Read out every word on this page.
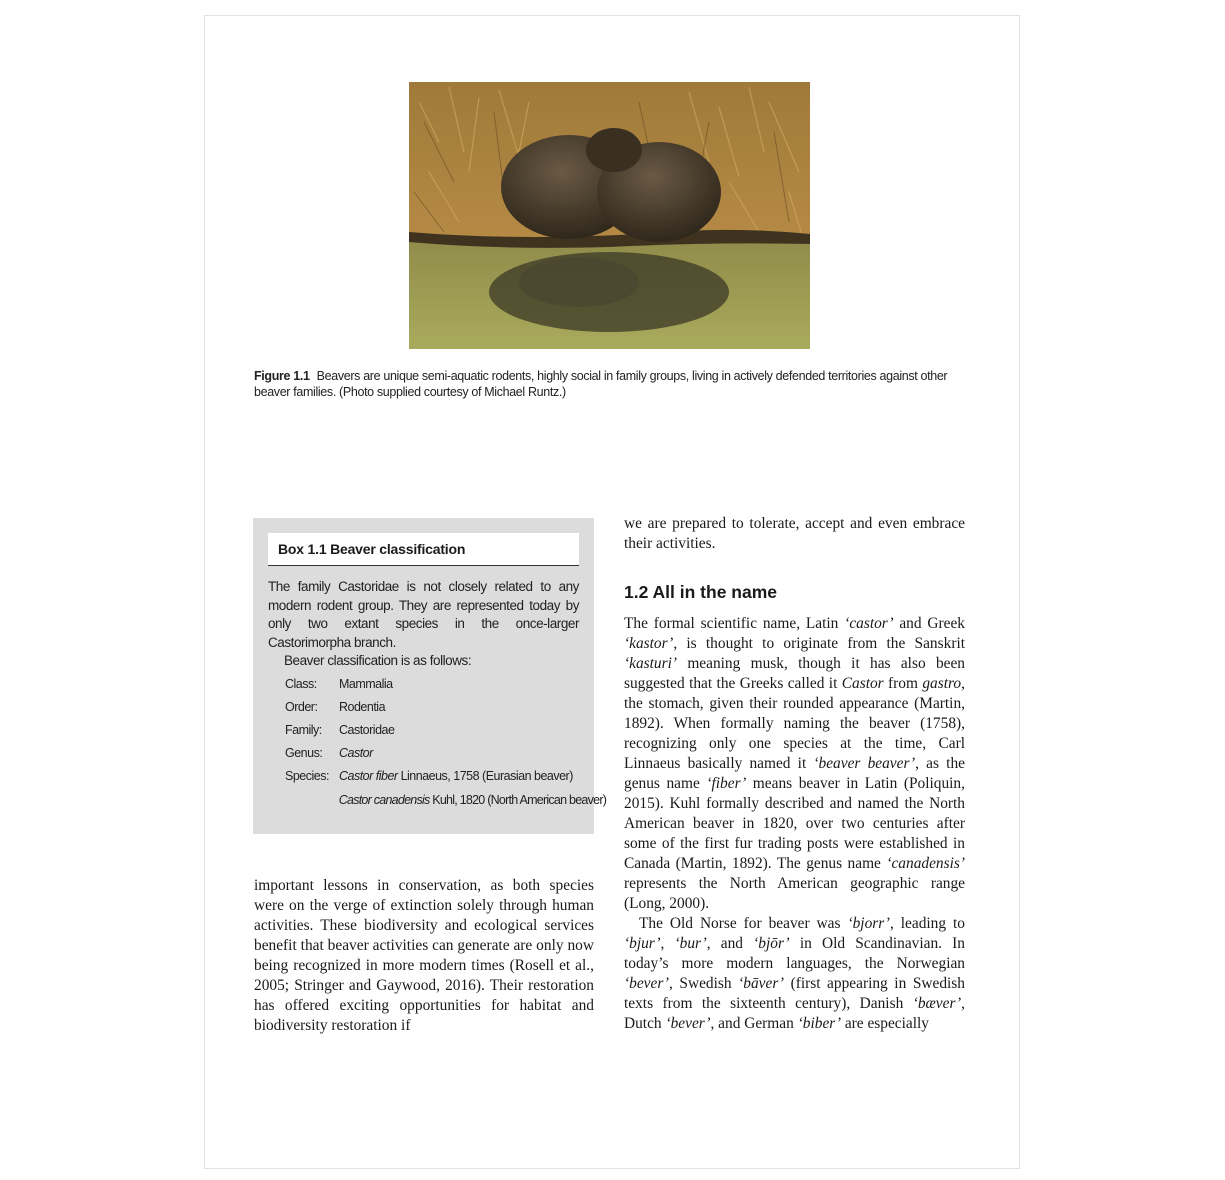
Figure 1.1 Beavers are unique semi-aquatic rodents, highly social in family groups, living in actively defended territories against other beaver families. (Photo supplied courtesy of Michael Runtz.)
Box 1.1 Beaver classification
The family Castoridae is not closely related to any modern rodent group. They are represented today by only two extant species in the once-larger Castorimorpha branch.
Beaver classification is as follows:
Class: Mammalia
Order: Rodentia
Family: Castoridae
Genus: Castor
Species: Castor fiber Linnaeus, 1758 (Eurasian beaver)
Castor canadensis Kuhl, 1820 (North American beaver)

important lessons in conservation, as both species were on the verge of extinction solely through human activities. These biodiversity and ecological services benefit that beaver activities can generate are only now being recognized in more modern times (Rosell et al., 2005; Stringer and Gaywood, 2016). Their restoration has offered exciting opportunities for habitat and biodiversity restoration if

we are prepared to tolerate, accept and even embrace their activities.

1.2 All in the name

The formal scientific name, Latin ‘castor’ and Greek ‘kastor’, is thought to originate from the Sanskrit ‘kasturi’ meaning musk, though it has also been suggested that the Greeks called it Castor from gastro, the stomach, given their rounded appearance (Martin, 1892). When formally naming the beaver (1758), recognizing only one species at the time, Carl Linnaeus basically named it ‘beaver beaver’, as the genus name ‘fiber’ means beaver in Latin (Poliquin, 2015). Kuhl formally described and named the North American beaver in 1820, over two centuries after some of the first fur trading posts were established in Canada (Martin, 1892). The genus name ‘canadensis’ represents the North American geographic range (Long, 2000).

The Old Norse for beaver was ‘bjorr’, leading to ‘bjur’, ‘bur’, and ‘bjōr’ in Old Scandinavian. In today’s more modern languages, the Norwegian ‘bever’, Swedish ‘bāver’ (first appearing in Swedish texts from the sixteenth century), Danish ‘bæver’, Dutch ‘bever’, and German ‘biber’ are especially
